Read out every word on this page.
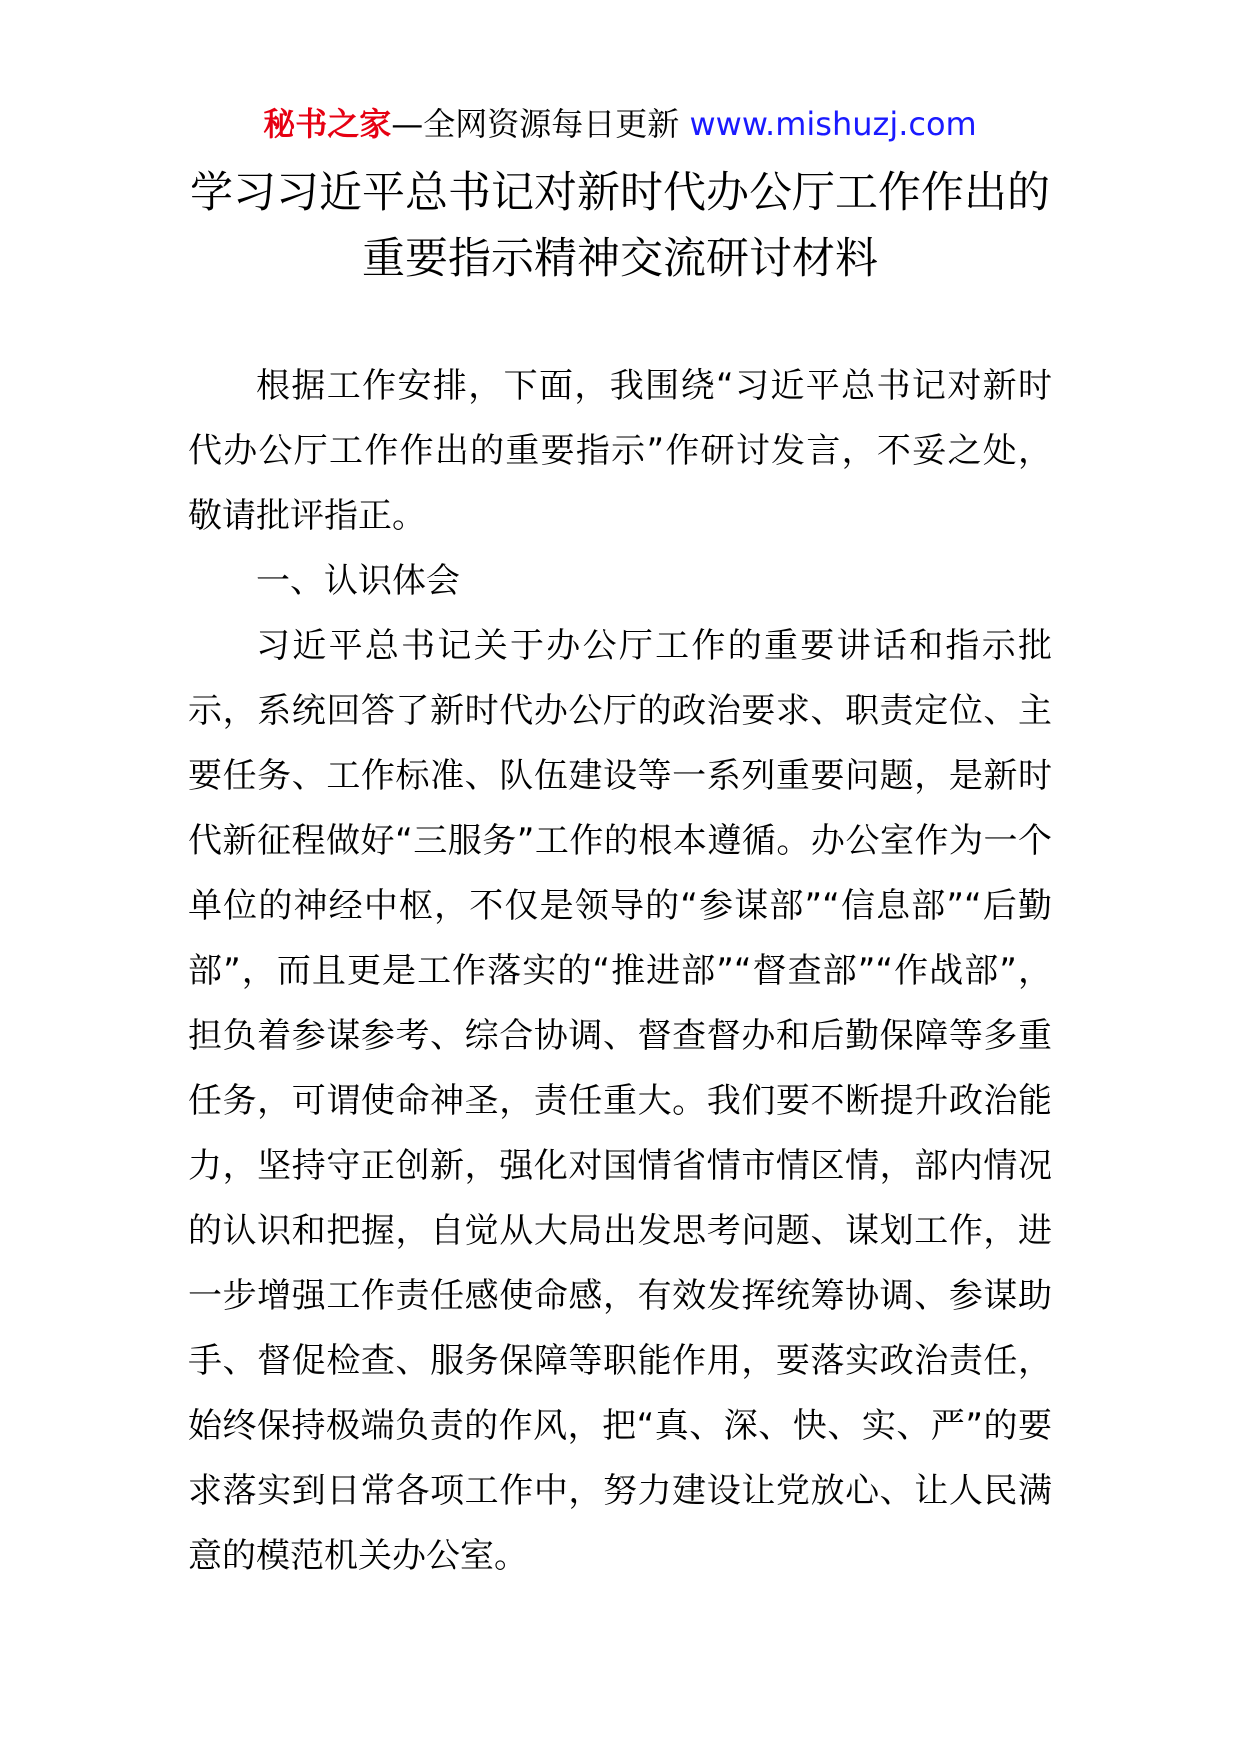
秘书之家—全网资源每日更新 www.mishuzj.com
学习习近平总书记对新时代办公厅工作作出的
重要指示精神交流研讨材料

根据工作安排，下面，我围绕“习近平总书记对新时代办公厅工作作出的重要指示”作研讨发言，不妥之处，敬请批评指正。

一、认识体会

习近平总书记关于办公厅工作的重要讲话和指示批示，系统回答了新时代办公厅的政治要求、职责定位、主要任务、工作标准、队伍建设等一系列重要问题，是新时代新征程做好“三服务”工作的根本遵循。办公室作为一个单位的神经中枢，不仅是领导的“参谋部”“信息部”“后勤部”，而且更是工作落实的“推进部”“督查部”“作战部”，担负着参谋参考、综合协调、督查督办和后勤保障等多重任务，可谓使命神圣，责任重大。我们要不断提升政治能力，坚持守正创新，强化对国情省情市情区情，部内情况的认识和把握，自觉从大局出发思考问题、谋划工作，进一步增强工作责任感使命感，有效发挥统筹协调、参谋助手、督促检查、服务保障等职能作用，要落实政治责任，始终保持极端负责的作风，把“真、深、快、实、严”的要求落实到日常各项工作中，努力建设让党放心、让人民满意的模范机关办公室。
